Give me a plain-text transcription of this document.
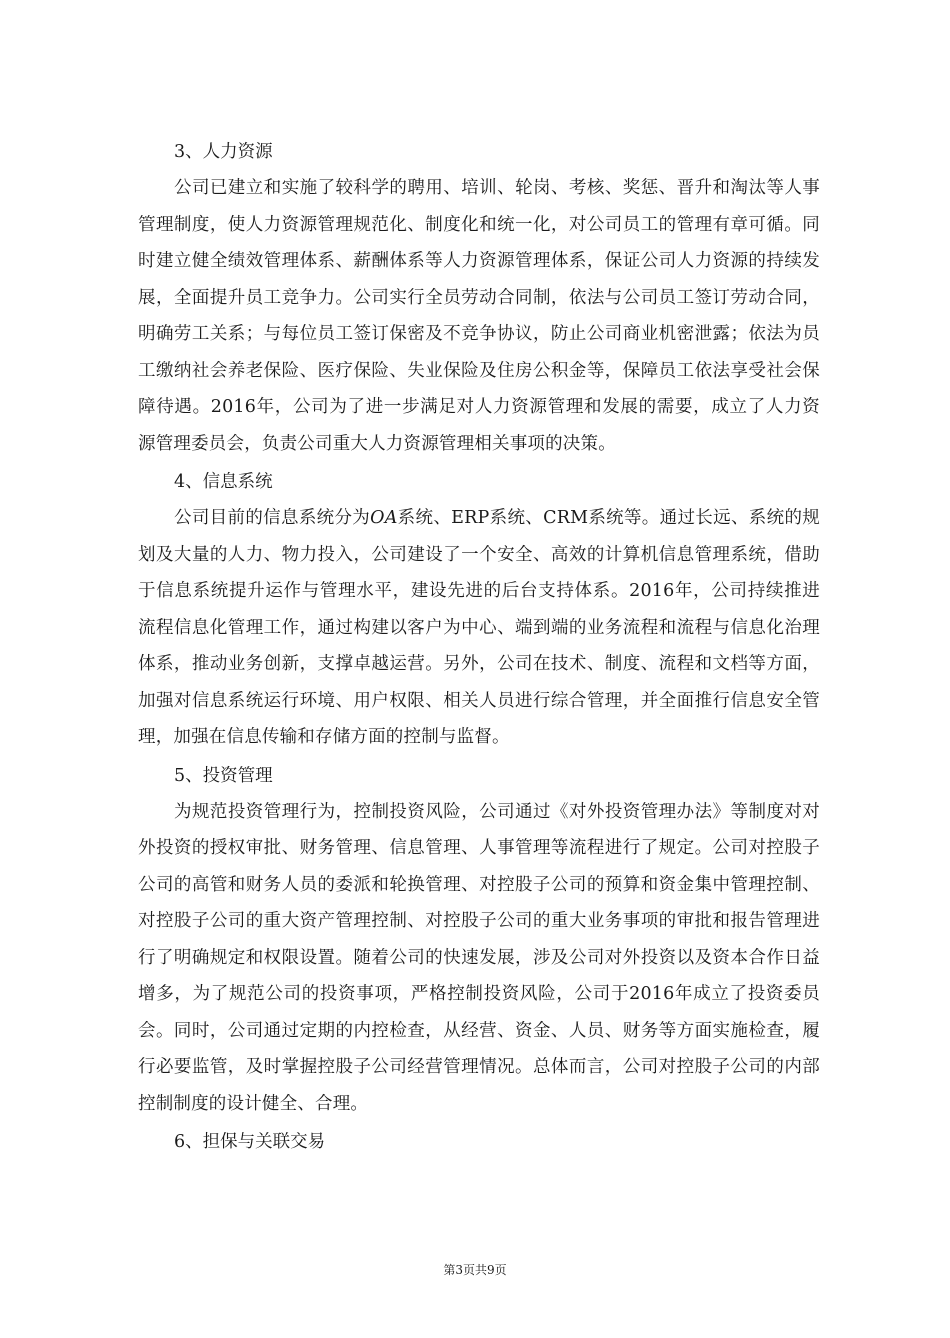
3、人力资源

公司已建立和实施了较科学的聘用、培训、轮岗、考核、奖惩、晋升和淘汰等人事管理制度，使人力资源管理规范化、制度化和统一化，对公司员工的管理有章可循。同时建立健全绩效管理体系、薪酬体系等人力资源管理体系，保证公司人力资源的持续发展，全面提升员工竞争力。公司实行全员劳动合同制，依法与公司员工签订劳动合同，明确劳工关系；与每位员工签订保密及不竞争协议，防止公司商业机密泄露；依法为员工缴纳社会养老保险、医疗保险、失业保险及住房公积金等，保障员工依法享受社会保障待遇。2016年，公司为了进一步满足对人力资源管理和发展的需要，成立了人力资源管理委员会，负责公司重大人力资源管理相关事项的决策。

4、信息系统

公司目前的信息系统分为OA系统、ERP系统、CRM系统等。通过长远、系统的规划及大量的人力、物力投入，公司建设了一个安全、高效的计算机信息管理系统，借助于信息系统提升运作与管理水平，建设先进的后台支持体系。2016年，公司持续推进流程信息化管理工作，通过构建以客户为中心、端到端的业务流程和流程与信息化治理体系，推动业务创新，支撑卓越运营。另外，公司在技术、制度、流程和文档等方面，加强对信息系统运行环境、用户权限、相关人员进行综合管理，并全面推行信息安全管理，加强在信息传输和存储方面的控制与监督。

5、投资管理

为规范投资管理行为，控制投资风险，公司通过《对外投资管理办法》等制度对对外投资的授权审批、财务管理、信息管理、人事管理等流程进行了规定。公司对控股子公司的高管和财务人员的委派和轮换管理、对控股子公司的预算和资金集中管理控制、对控股子公司的重大资产管理控制、对控股子公司的重大业务事项的审批和报告管理进行了明确规定和权限设置。随着公司的快速发展，涉及公司对外投资以及资本合作日益增多，为了规范公司的投资事项，严格控制投资风险，公司于2016年成立了投资委员会。同时，公司通过定期的内控检查，从经营、资金、人员、财务等方面实施检查，履行必要监管，及时掌握控股子公司经营管理情况。总体而言，公司对控股子公司的内部控制制度的设计健全、合理。

6、担保与关联交易

第3页共9页
